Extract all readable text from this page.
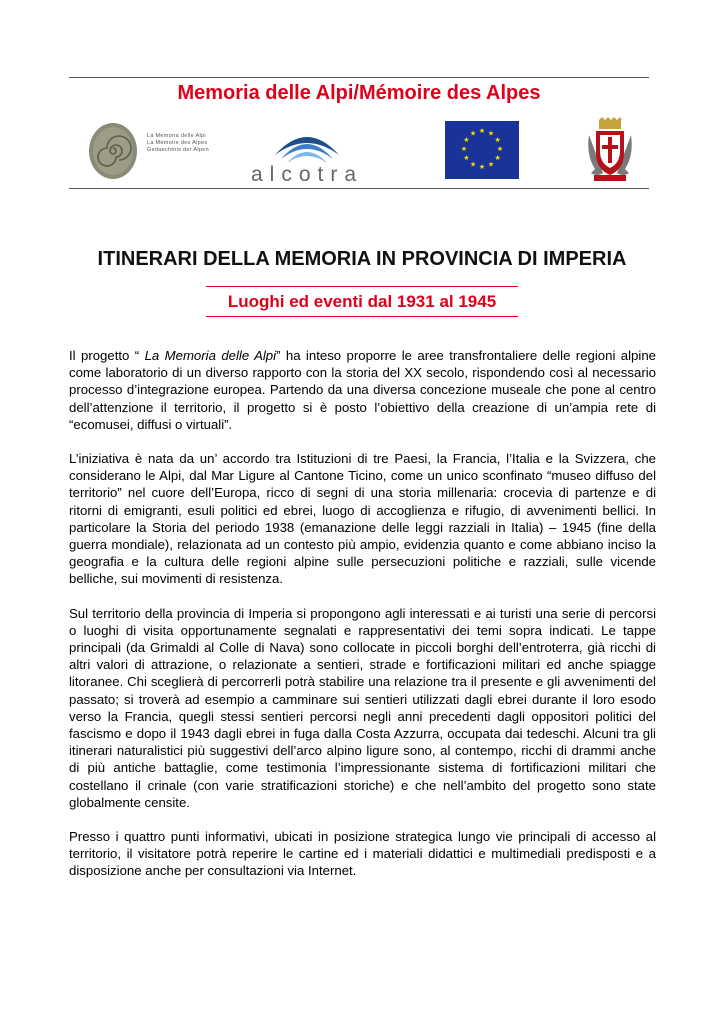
Memoria delle Alpi/Mémoire des Alpes
La Memoria delle Alpi
La Mémoire des Alpes
Gedaechtnis der Alpen
alcotra
★ ★
★
★
★
★
★
★
★
★
★
★
ITINERARI DELLA MEMORIA IN PROVINCIA DI IMPERIA
Luoghi ed eventi dal 1931 al 1945

Il progetto “ La Memoria delle Alpi” ha inteso proporre le aree transfrontaliere delle regioni alpine come laboratorio di un diverso rapporto con la storia del XX secolo, rispondendo così al necessario processo d’integrazione europea. Partendo da una diversa concezione museale che pone al centro dell’attenzione il territorio, il progetto si è posto l’obiettivo della creazione di un’ampia rete di “ecomusei, diffusi o virtuali”.

L’iniziativa è nata da un’ accordo tra Istituzioni di tre Paesi, la Francia, l’Italia e la Svizzera, che considerano le Alpi, dal Mar Ligure al Cantone Ticino, come un unico sconfinato “museo diffuso del territorio” nel cuore dell’Europa, ricco di segni di una storia millenaria: crocevia di partenze e di ritorni di emigranti, esuli politici ed ebrei, luogo di accoglienza e rifugio, di avvenimenti bellici. In particolare la Storia del periodo 1938 (emanazione delle leggi razziali in Italia) – 1945 (fine della guerra mondiale), relazionata ad un contesto più ampio, evidenzia quanto e come abbiano inciso la geografia e la cultura delle regioni alpine sulle persecuzioni politiche e razziali, sulle vicende belliche, sui movimenti di resistenza.

Sul territorio della provincia di Imperia si propongono agli interessati e ai turisti una serie di percorsi o luoghi di visita opportunamente segnalati e rappresentativi dei temi sopra indicati. Le tappe principali (da Grimaldi al Colle di Nava) sono collocate in piccoli borghi dell’entroterra, già ricchi di altri valori di attrazione, o relazionate a sentieri, strade e fortificazioni militari ed anche spiagge litoranee. Chi sceglierà di percorrerli potrà stabilire una relazione tra il presente e gli avvenimenti del passato; si troverà ad esempio a camminare sui sentieri utilizzati dagli ebrei durante il loro esodo verso la Francia, quegli stessi sentieri percorsi negli anni precedenti dagli oppositori politici del fascismo e dopo il 1943 dagli ebrei in fuga dalla Costa Azzurra, occupata dai tedeschi. Alcuni tra gli itinerari naturalistici più suggestivi dell’arco alpino ligure sono, al contempo, ricchi di drammi anche di più antiche battaglie, come testimonia l’impressionante sistema di fortificazioni militari che costellano il crinale (con varie stratificazioni storiche) e che nell’ambito del progetto sono state globalmente censite.

Presso i quattro punti informativi, ubicati in posizione strategica lungo vie principali di accesso al territorio, il visitatore potrà reperire le cartine ed i materiali didattici e multimediali predisposti e a disposizione anche per consultazioni via Internet.
